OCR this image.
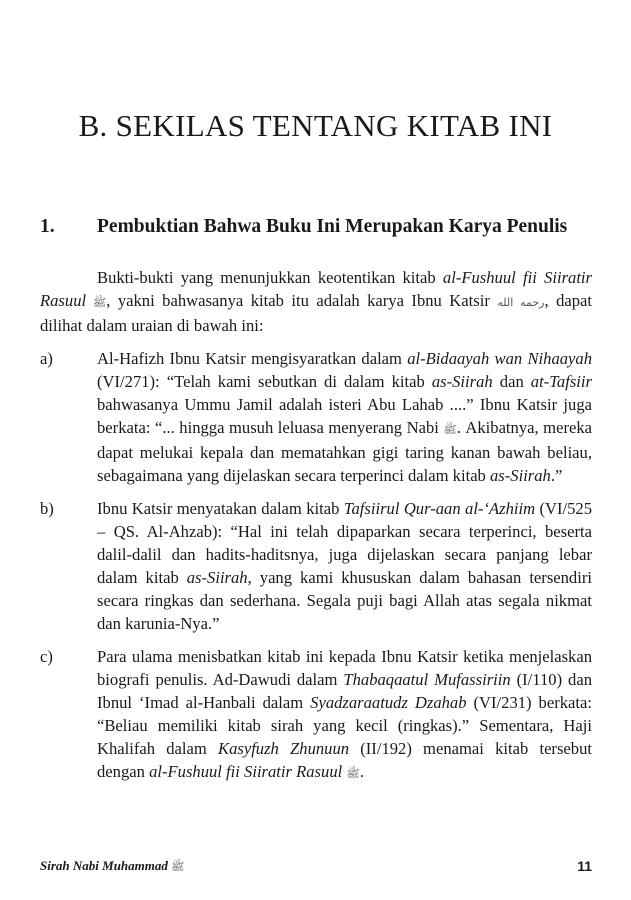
B. SEKILAS TENTANG KITAB INI
1. Pembuktian Bahwa Buku Ini Merupakan Karya Penulis

Bukti-bukti yang menunjukkan keotentikan kitab al-Fushuul fii Siiratir Rasuul ﷺ, yakni bahwasanya kitab itu adalah karya Ibnu Katsir رحمه الله, dapat dilihat dalam uraian di bawah ini:

a)	Al-Hafizh Ibnu Katsir mengisyaratkan dalam al-Bidaayah wan Nihaayah (VI/271): “Telah kami sebutkan di dalam kitab as-Siirah dan at-Tafsiir bahwasanya Ummu Jamil adalah isteri Abu Lahab ....” Ibnu Katsir juga berkata: “... hingga musuh leluasa menyerang Nabi ﷺ. Akibatnya, mereka dapat melukai kepala dan mematahkan gigi taring kanan bawah beliau, sebagaimana yang dijelaskan secara terperinci dalam kitab as-Siirah.”
b)	Ibnu Katsir menyatakan dalam kitab Tafsiirul Qur-aan al-‘Azhiim (VI/525 – QS. Al-Ahzab): “Hal ini telah dipaparkan secara terperinci, beserta dalil-dalil dan hadits-haditsnya, juga dijelaskan secara panjang lebar dalam kitab as-Siirah, yang kami khususkan dalam bahasan tersendiri secara ringkas dan sederhana. Segala puji bagi Allah atas segala nikmat dan karunia-Nya.”
c)	Para ulama menisbatkan kitab ini kepada Ibnu Katsir ketika menjelaskan biografi penulis. Ad-Dawudi dalam Thabaqaatul Mufassiriin (I/110) dan Ibnul ‘Imad al-Hanbali dalam Syadzaraatudz Dzahab (VI/231) berkata: “Beliau memiliki kitab sirah yang kecil (ringkas).” Sementara, Haji Khalifah dalam Kasyfuzh Zhunuun (II/192) menamai kitab tersebut dengan al-Fushuul fii Siiratir Rasuul ﷺ.
Sirah Nabi Muhammad ﷺ	11
